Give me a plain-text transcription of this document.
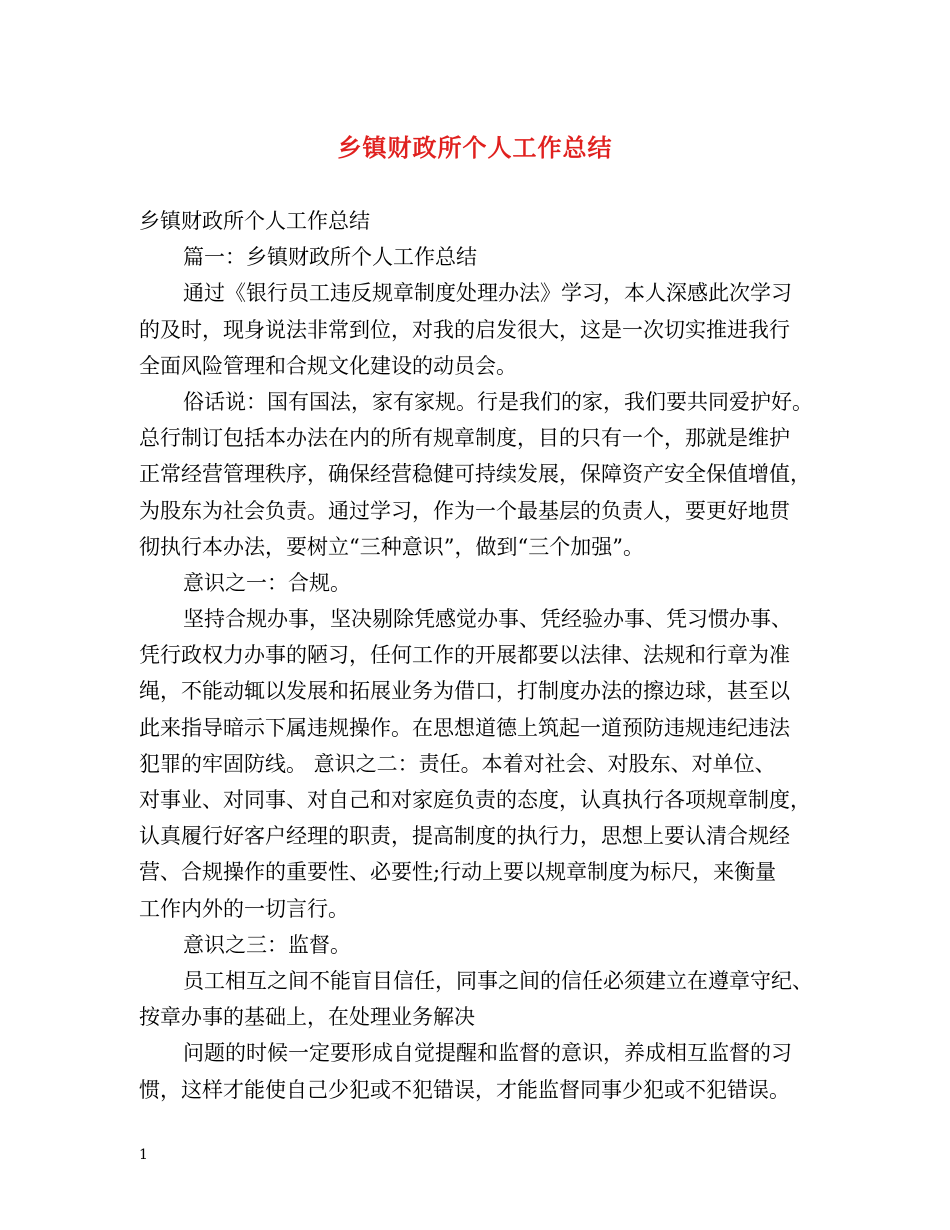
乡镇财政所个人工作总结
乡镇财政所个人工作总结
篇一：乡镇财政所个人工作总结
通过《银行员工违反规章制度处理办法》学习，本人深感此次学习
的及时，现身说法非常到位，对我的启发很大，这是一次切实推进我行
全面风险管理和合规文化建设的动员会。
俗话说：国有国法，家有家规。行是我们的家，我们要共同爱护好。
总行制订包括本办法在内的所有规章制度，目的只有一个，那就是维护
正常经营管理秩序，确保经营稳健可持续发展，保障资产安全保值增值，
为股东为社会负责。通过学习，作为一个最基层的负责人，要更好地贯
彻执行本办法，要树立“三种意识”，做到“三个加强”。
意识之一：合规。
坚持合规办事，坚决剔除凭感觉办事、凭经验办事、凭习惯办事、
凭行政权力办事的陋习，任何工作的开展都要以法律、法规和行章为准
绳，不能动辄以发展和拓展业务为借口，打制度办法的擦边球，甚至以
此来指导暗示下属违规操作。在思想道德上筑起一道预防违规违纪违法
犯罪的牢固防线。 意识之二：责任。本着对社会、对股东、对单位、
对事业、对同事、对自己和对家庭负责的态度，认真执行各项规章制度，
认真履行好客户经理的职责，提高制度的执行力，思想上要认清合规经
营、合规操作的重要性、必要性;行动上要以规章制度为标尺，来衡量
工作内外的一切言行。
意识之三：监督。
员工相互之间不能盲目信任，同事之间的信任必须建立在遵章守纪、
按章办事的基础上，在处理业务解决
问题的时候一定要形成自觉提醒和监督的意识，养成相互监督的习
惯，这样才能使自己少犯或不犯错误，才能监督同事少犯或不犯错误。
1
